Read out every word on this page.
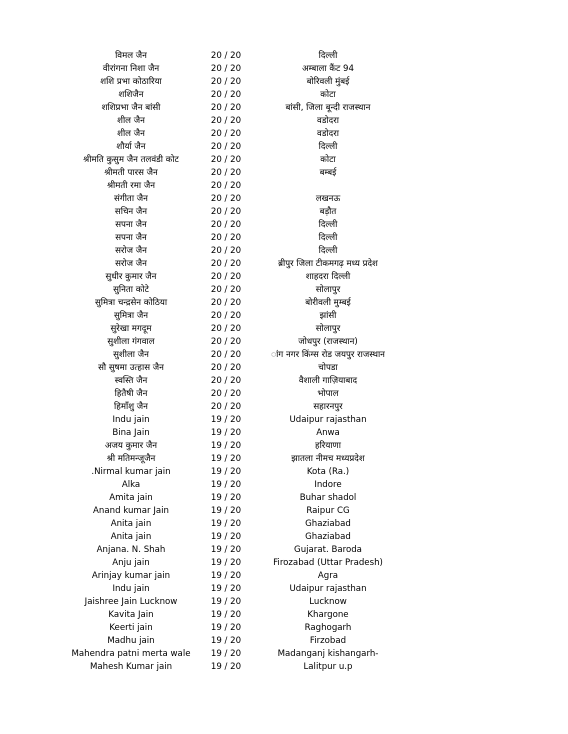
विमल जैन	20 / 20	दिल्ली
वीरांगना निशा जैन	20 / 20	अम्बाला कैंट 94
शशि प्रभा कोठारिया	20 / 20	बोरिवली मुंबई
शशिजैन	20 / 20	कोटा
शशिप्रभा जैन बांसी	20 / 20	बांसी, जिला बून्दी राजस्थान
शील जैन	20 / 20	वडोदरा
शील जैन	20 / 20	वडोदरा
शौर्या जैन	20 / 20	दिल्ली
श्रीमति कुसुम जैन तलवंडी कोट	20 / 20	कोटा
श्रीमती पारस जैन	20 / 20	बम्बई
श्रीमती रमा जैन	20 / 20
संगीता जैन	20 / 20	लखनऊ
सचिन जैन	20 / 20	बड़ौत
सपना जैन	20 / 20	दिल्ली
सपना जैन	20 / 20	दिल्ली
सरोज जैन	20 / 20	दिल्ली
सरोज जैन	20 / 20	ब्रीपुर जिला टीकमगढ़ मध्य प्रदेश
सुधीर कुमार जैन	20 / 20	शाहदरा दिल्ली
सुनिता कोटे	20 / 20	सोलापुर
सुमित्रा चन्द्रसेन कोठिया	20 / 20	बोरीवली मुम्बई
सुमित्रा जैन	20 / 20	झांसी
सुरेखा मगदूम	20 / 20	सोलापुर
सुशीला गंगवाल	20 / 20	जोधपुर (राजस्थान)
सुशीला जैन	20 / 20	ांग नगर किंग्स रोड जयपुर राजस्थान
सौ सुषमा उत्हास जैन	20 / 20	चोपडा
स्वस्ति जैन	20 / 20	वैशाली गाज़ियाबाद
हितैषी जैन	20 / 20	भोपाल
हिमाँशु जैन	20 / 20	सहारनपुर
Indu jain	19 / 20	Udaipur rajasthan
Bina Jain	19 / 20	Anwa
अजय कुमार जैन	19 / 20	हरियाणा
श्री मतिमन्जूजैन	19 / 20	झातला नीमच मध्यप्रदेश
.Nirmal kumar jain	19 / 20	Kota (Ra.)
Alka	19 / 20	Indore
Amita jain	19 / 20	Buhar shadol
Anand kumar Jain	19 / 20	Raipur CG
Anita jain	19 / 20	Ghaziabad
Anita jain	19 / 20	Ghaziabad
Anjana. N. Shah	19 / 20	Gujarat. Baroda
Anju jain	19 / 20	Firozabad (Uttar Pradesh)
Arinjay kumar jain	19 / 20	Agra
Indu jain	19 / 20	Udaipur rajasthan
Jaishree Jain Lucknow	19 / 20	Lucknow
Kavita Jain	19 / 20	Khargone
Keerti jain	19 / 20	Raghogarh
Madhu jain	19 / 20	Firzobad
Mahendra patni merta wale	19 / 20	Madanganj kishangarh-
Mahesh Kumar jain	19 / 20	Lalitpur u.p
